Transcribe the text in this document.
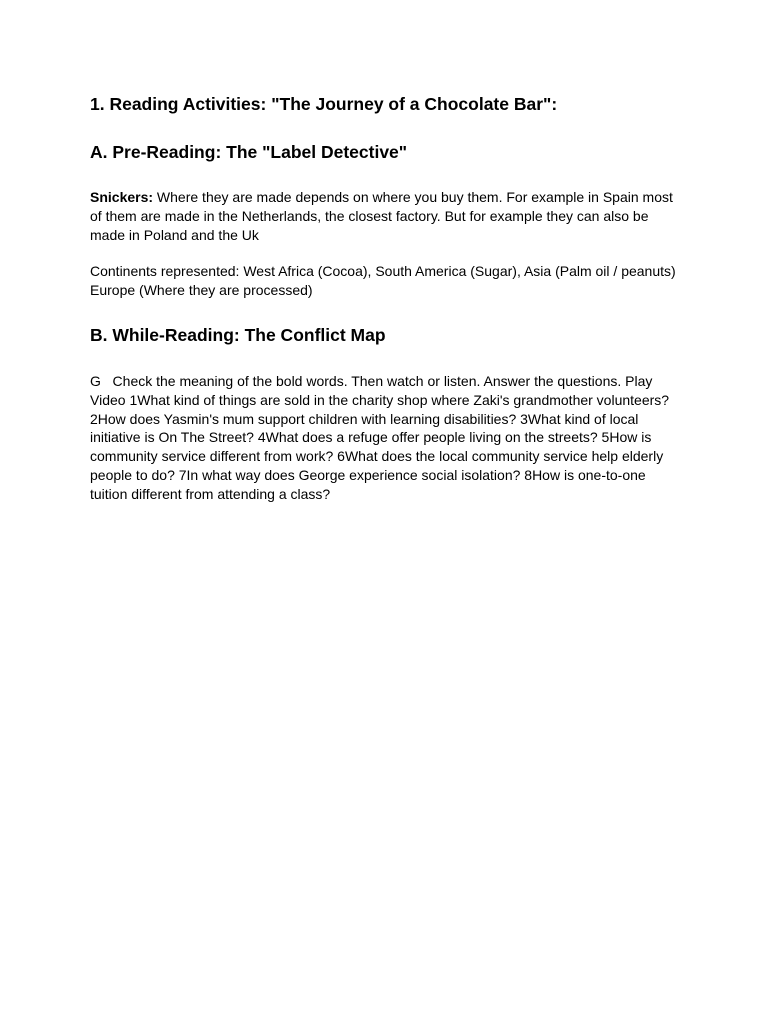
1. Reading Activities: "The Journey of a Chocolate Bar":
A. Pre-Reading: The "Label Detective"
Snickers: Where they are made depends on where you buy them. For example in Spain most of them are made in the Netherlands, the closest factory. But for example they can also be made in Poland and the Uk
Continents represented: West Africa (Cocoa), South America (Sugar), Asia (Palm oil / peanuts) Europe (Where they are processed)
B. While-Reading: The Conflict Map
G   Check the meaning of the bold words. Then watch or listen. Answer the questions. Play Video 1What kind of things are sold in the charity shop where Zaki's grandmother volunteers? 2How does Yasmin's mum support children with learning disabilities? 3What kind of local initiative is On The Street? 4What does a refuge offer people living on the streets? 5How is community service different from work? 6What does the local community service help elderly people to do? 7In what way does George experience social isolation? 8How is one-to-one tuition different from attending a class?
